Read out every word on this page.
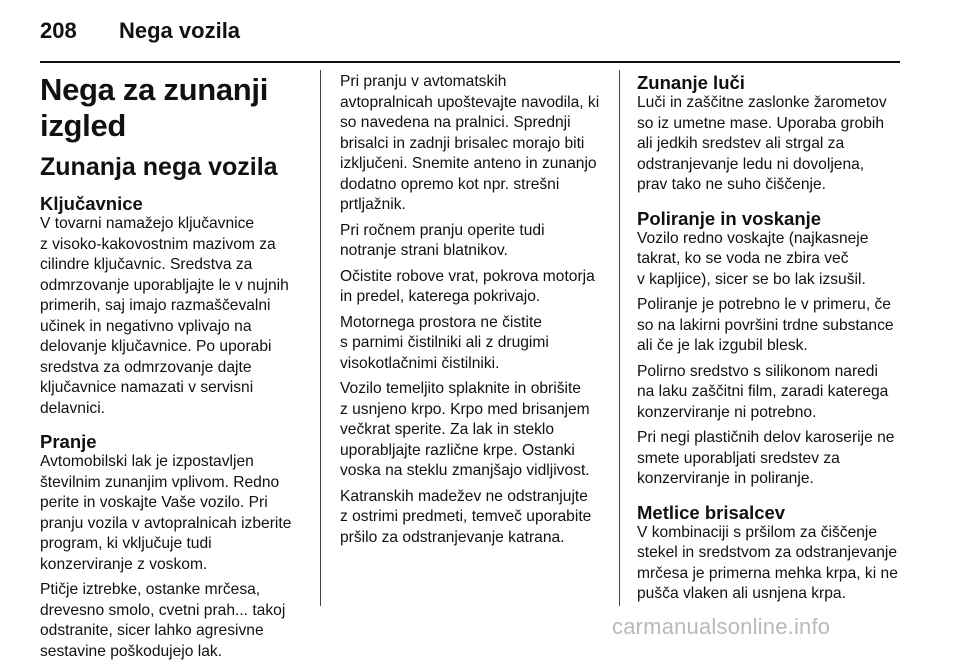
208 Nega vozila
Nega za zunanji izgled
Zunanja nega vozila
Ključavnice

V tovarni namažejo ključavnice
z visoko-kakovostnim mazivom za
cilindre ključavnic. Sredstva za
odmrzovanje uporabljajte le v nujnih
primerih, saj imajo razmaščevalni
učinek in negativno vplivajo na
delovanje ključavnice. Po uporabi
sredstva za odmrzovanje dajte
ključavnice namazati v servisni
delavnici.

Pranje

Avtomobilski lak je izpostavljen
številnim zunanjim vplivom. Redno
perite in voskajte Vaše vozilo. Pri
pranju vozila v avtopralnicah izberite
program, ki vključuje tudi
konzerviranje z voskom.

Ptičje iztrebke, ostanke mrčesa,
drevesno smolo, cvetni prah... takoj
odstranite, sicer lahko agresivne
sestavine poškodujejo lak.

Pri pranju v avtomatskih
avtopralnicah upoštevajte navodila, ki
so navedena na pralnici. Sprednji
brisalci in zadnji brisalec morajo biti
izključeni. Snemite anteno in zunanjo
dodatno opremo kot npr. strešni
prtljažnik.

Pri ročnem pranju operite tudi
notranje strani blatnikov.

Očistite robove vrat, pokrova motorja
in predel, katerega pokrivajo.

Motornega prostora ne čistite
s parnimi čistilniki ali z drugimi
visokotlačnimi čistilniki.

Vozilo temeljito splaknite in obrišite
z usnjeno krpo. Krpo med brisanjem
večkrat sperite. Za lak in steklo
uporabljajte različne krpe. Ostanki
voska na steklu zmanjšajo vidljivost.

Katranskih madežev ne odstranjujte
z ostrimi predmeti, temveč uporabite
pršilo za odstranjevanje katrana.

Zunanje luči

Luči in zaščitne zaslonke žarometov
so iz umetne mase. Uporaba grobih
ali jedkih sredstev ali strgal za
odstranjevanje ledu ni dovoljena,
prav tako ne suho čiščenje.

Poliranje in voskanje

Vozilo redno voskajte (najkasneje
takrat, ko se voda ne zbira več
v kapljice), sicer se bo lak izsušil.

Poliranje je potrebno le v primeru, če
so na lakirni površini trdne substance
ali če je lak izgubil blesk.

Polirno sredstvo s silikonom naredi
na laku zaščitni film, zaradi katerega
konzerviranje ni potrebno.

Pri negi plastičnih delov karoserije ne
smete uporabljati sredstev za
konzerviranje in poliranje.

Metlice brisalcev

V kombinaciji s pršilom za čiščenje
stekel in sredstvom za odstranjevanje
mrčesa je primerna mehka krpa, ki ne
pušča vlaken ali usnjena krpa.

carmanualsonline.info
